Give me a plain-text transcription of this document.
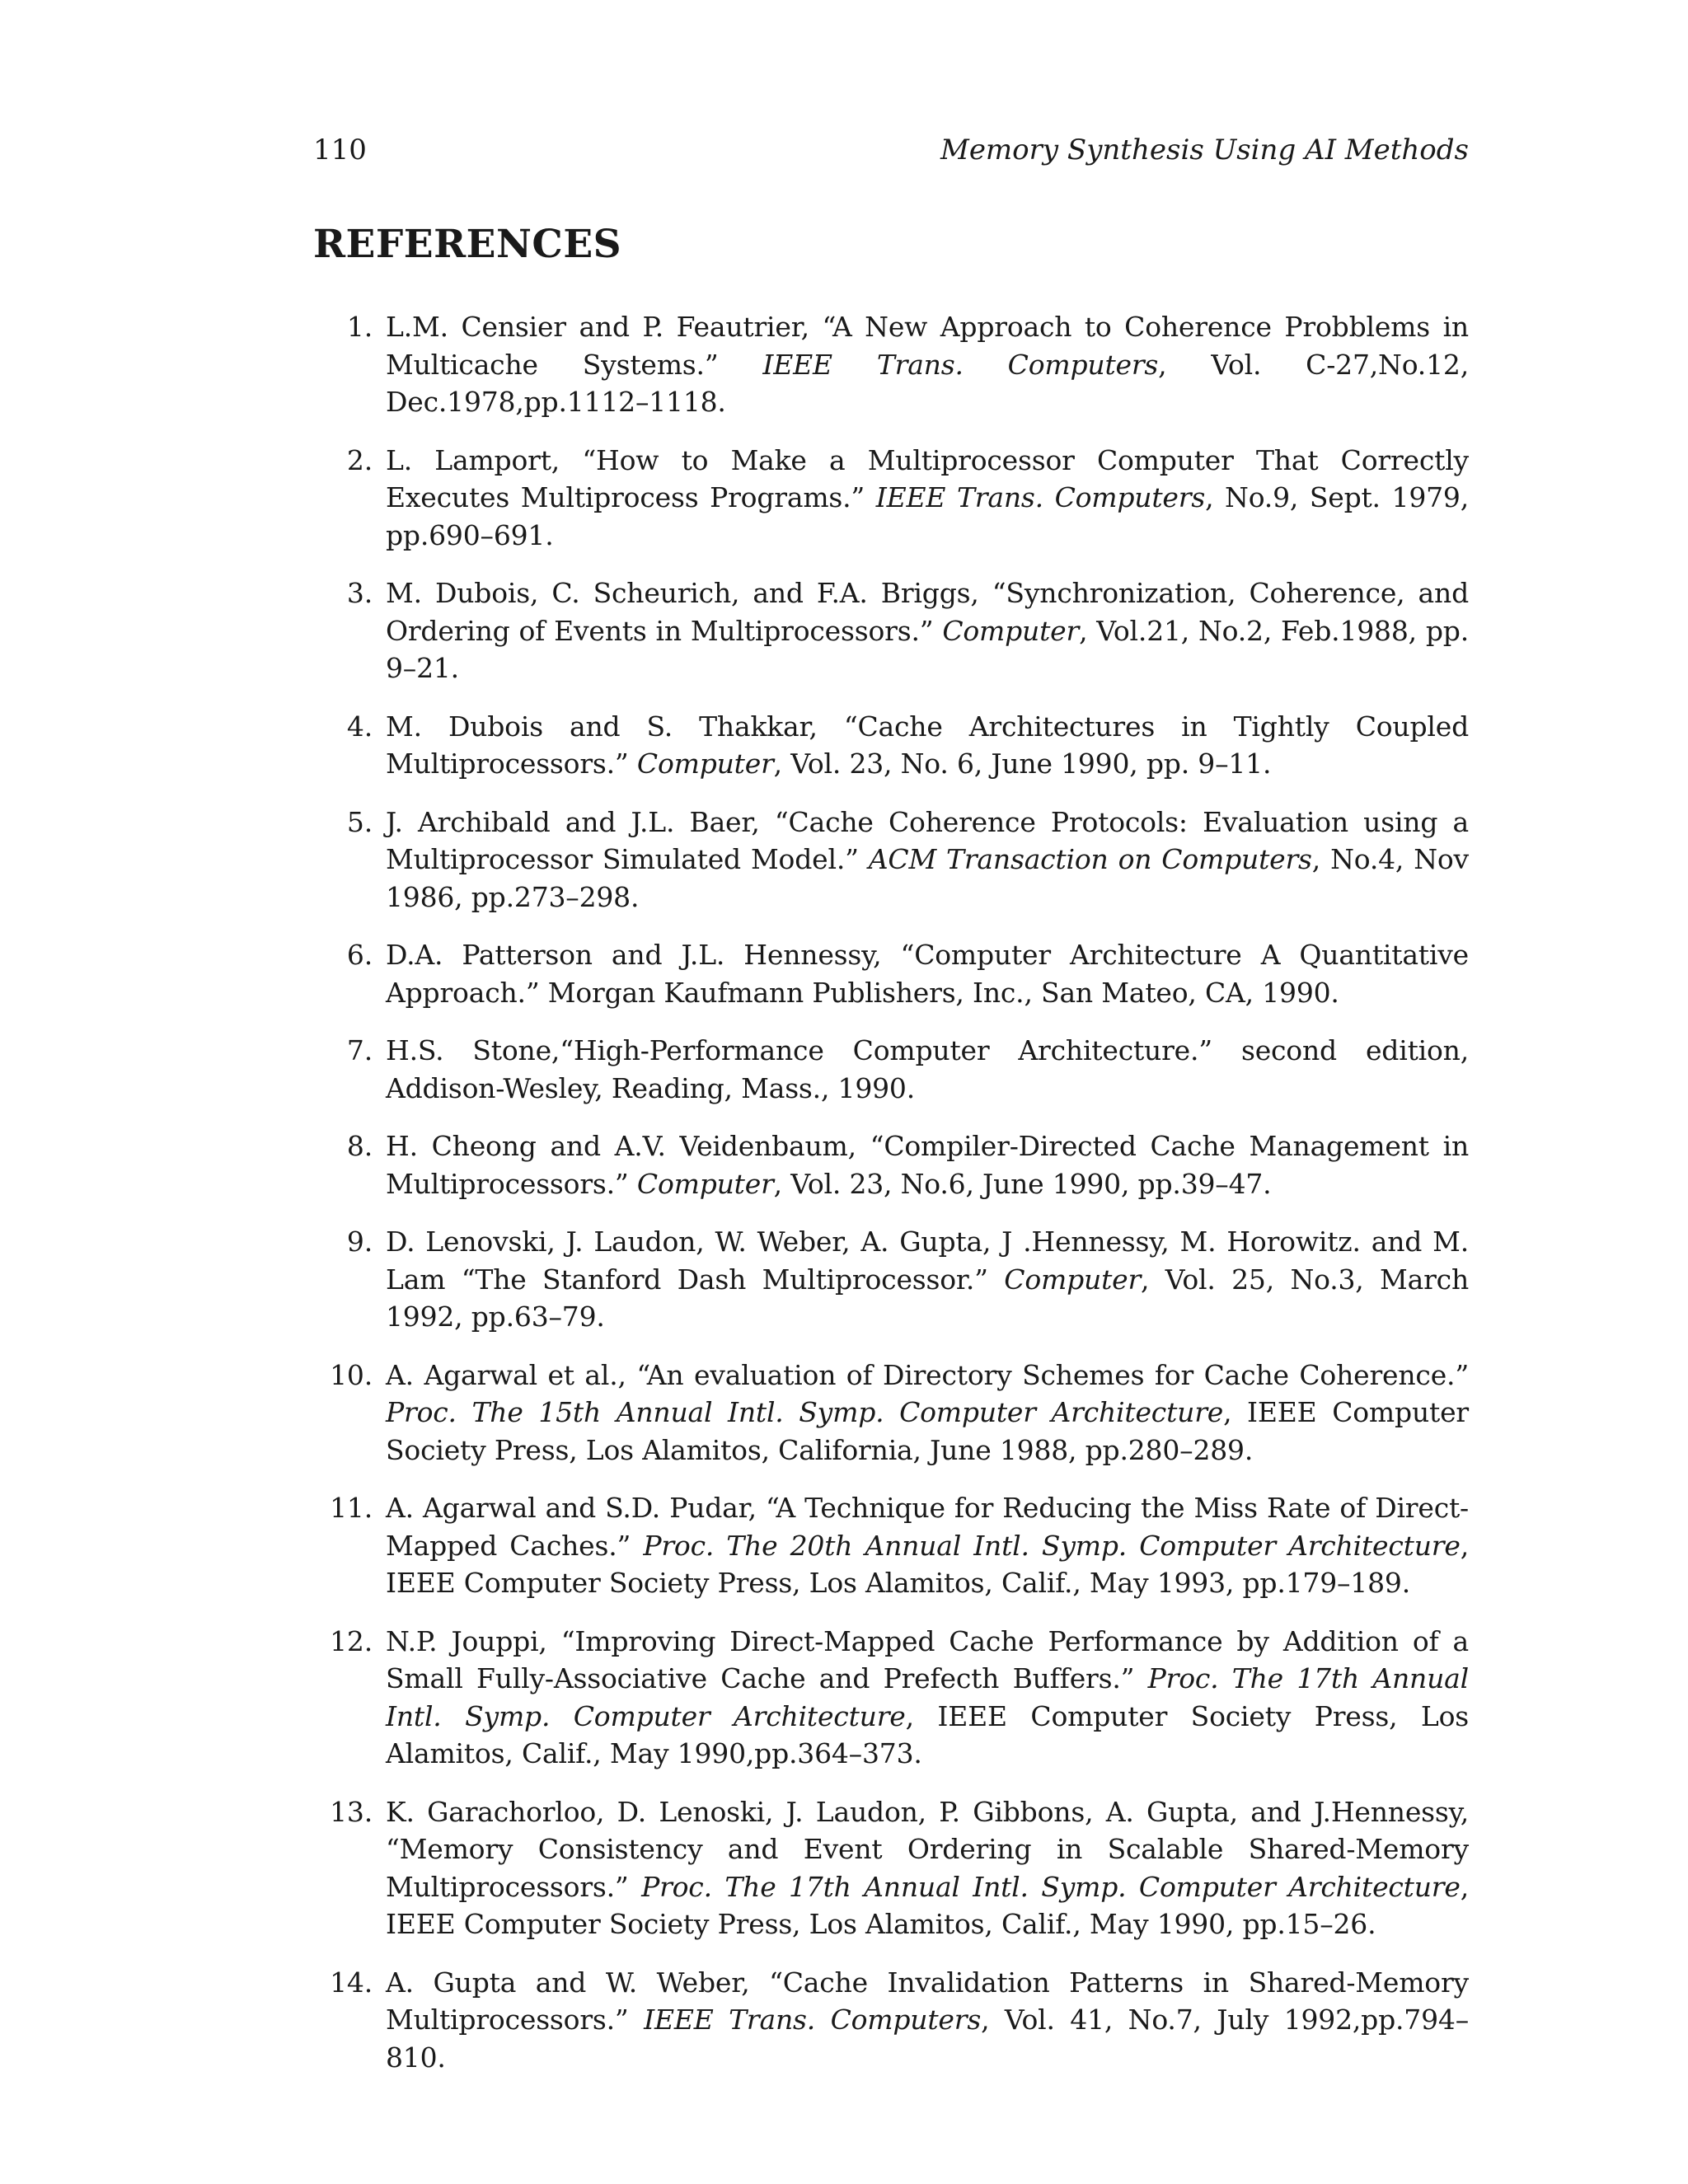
110	Memory Synthesis Using AI Methods
REFERENCES
1. L.M. Censier and P. Feautrier, “A New Approach to Coherence Probblems in Multicache Systems.” IEEE Trans. Computers, Vol. C-27,No.12, Dec.1978,pp.1112–1118.
2. L. Lamport, “How to Make a Multiprocessor Computer That Correctly Executes Multiprocess Programs.” IEEE Trans. Computers, No.9, Sept. 1979, pp.690–691.
3. M. Dubois, C. Scheurich, and F.A. Briggs, “Synchronization, Coherence, and Ordering of Events in Multiprocessors.” Computer, Vol.21, No.2, Feb.1988, pp. 9–21.
4. M. Dubois and S. Thakkar, “Cache Architectures in Tightly Coupled Multiprocessors.” Computer, Vol. 23, No. 6, June 1990, pp. 9–11.
5. J. Archibald and J.L. Baer, “Cache Coherence Protocols: Evaluation using a Multiprocessor Simulated Model.” ACM Transaction on Computers, No.4, Nov 1986, pp.273–298.
6. D.A. Patterson and J.L. Hennessy, “Computer Architecture A Quantitative Approach.” Morgan Kaufmann Publishers, Inc., San Mateo, CA, 1990.
7. H.S. Stone,“High-Performance Computer Architecture.” second edition, Addison-Wesley, Reading, Mass., 1990.
8. H. Cheong and A.V. Veidenbaum, “Compiler-Directed Cache Management in Multiprocessors.” Computer, Vol. 23, No.6, June 1990, pp.39–47.
9. D. Lenovski, J. Laudon, W. Weber, A. Gupta, J .Hennessy, M. Horowitz. and M. Lam “The Stanford Dash Multiprocessor.” Computer, Vol. 25, No.3, March 1992, pp.63–79.
10. A. Agarwal et al., “An evaluation of Directory Schemes for Cache Coherence.” Proc. The 15th Annual Intl. Symp. Computer Architecture, IEEE Computer Society Press, Los Alamitos, California, June 1988, pp.280–289.
11. A. Agarwal and S.D. Pudar, “A Technique for Reducing the Miss Rate of Direct-Mapped Caches.” Proc. The 20th Annual Intl. Symp. Computer Architecture, IEEE Computer Society Press, Los Alamitos, Calif., May 1993, pp.179–189.
12. N.P. Jouppi, “Improving Direct-Mapped Cache Performance by Addition of a Small Fully-Associative Cache and Prefecth Buffers.” Proc. The 17th Annual Intl. Symp. Computer Architecture, IEEE Computer Society Press, Los Alamitos, Calif., May 1990,pp.364–373.
13. K. Garachorloo, D. Lenoski, J. Laudon, P. Gibbons, A. Gupta, and J.Hennessy, “Memory Consistency and Event Ordering in Scalable Shared-Memory Multiprocessors.” Proc. The 17th Annual Intl. Symp. Computer Architecture, IEEE Computer Society Press, Los Alamitos, Calif., May 1990, pp.15–26.
14. A. Gupta and W. Weber, “Cache Invalidation Patterns in Shared-Memory Multiprocessors.” IEEE Trans. Computers, Vol. 41, No.7, July 1992,pp.794–810.
